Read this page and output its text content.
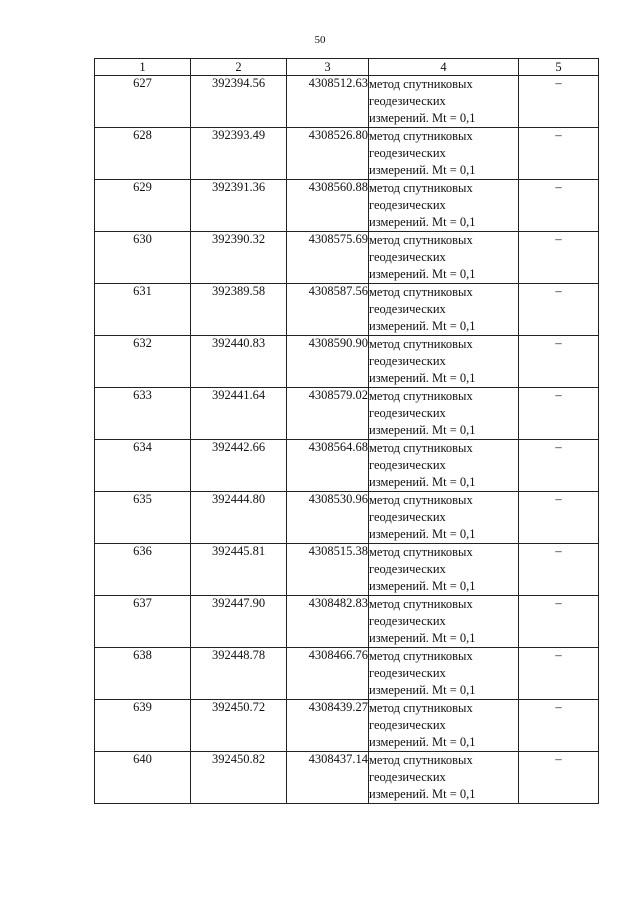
50
1	2	3	4	5
627	392394.56	4308512.63	метод спутниковых
геодезических
измерений. Mt = 0,1	–
628	392393.49	4308526.80	метод спутниковых
геодезических
измерений. Mt = 0,1	–
629	392391.36	4308560.88	метод спутниковых
геодезических
измерений. Mt = 0,1	–
630	392390.32	4308575.69	метод спутниковых
геодезических
измерений. Mt = 0,1	–
631	392389.58	4308587.56	метод спутниковых
геодезических
измерений. Mt = 0,1	–
632	392440.83	4308590.90	метод спутниковых
геодезических
измерений. Mt = 0,1	–
633	392441.64	4308579.02	метод спутниковых
геодезических
измерений. Mt = 0,1	–
634	392442.66	4308564.68	метод спутниковых
геодезических
измерений. Mt = 0,1	–
635	392444.80	4308530.96	метод спутниковых
геодезических
измерений. Mt = 0,1	–
636	392445.81	4308515.38	метод спутниковых
геодезических
измерений. Mt = 0,1	–
637	392447.90	4308482.83	метод спутниковых
геодезических
измерений. Mt = 0,1	–
638	392448.78	4308466.76	метод спутниковых
геодезических
измерений. Mt = 0,1	–
639	392450.72	4308439.27	метод спутниковых
геодезических
измерений. Mt = 0,1	–
640	392450.82	4308437.14	метод спутниковых
геодезических
измерений. Mt = 0,1	–
